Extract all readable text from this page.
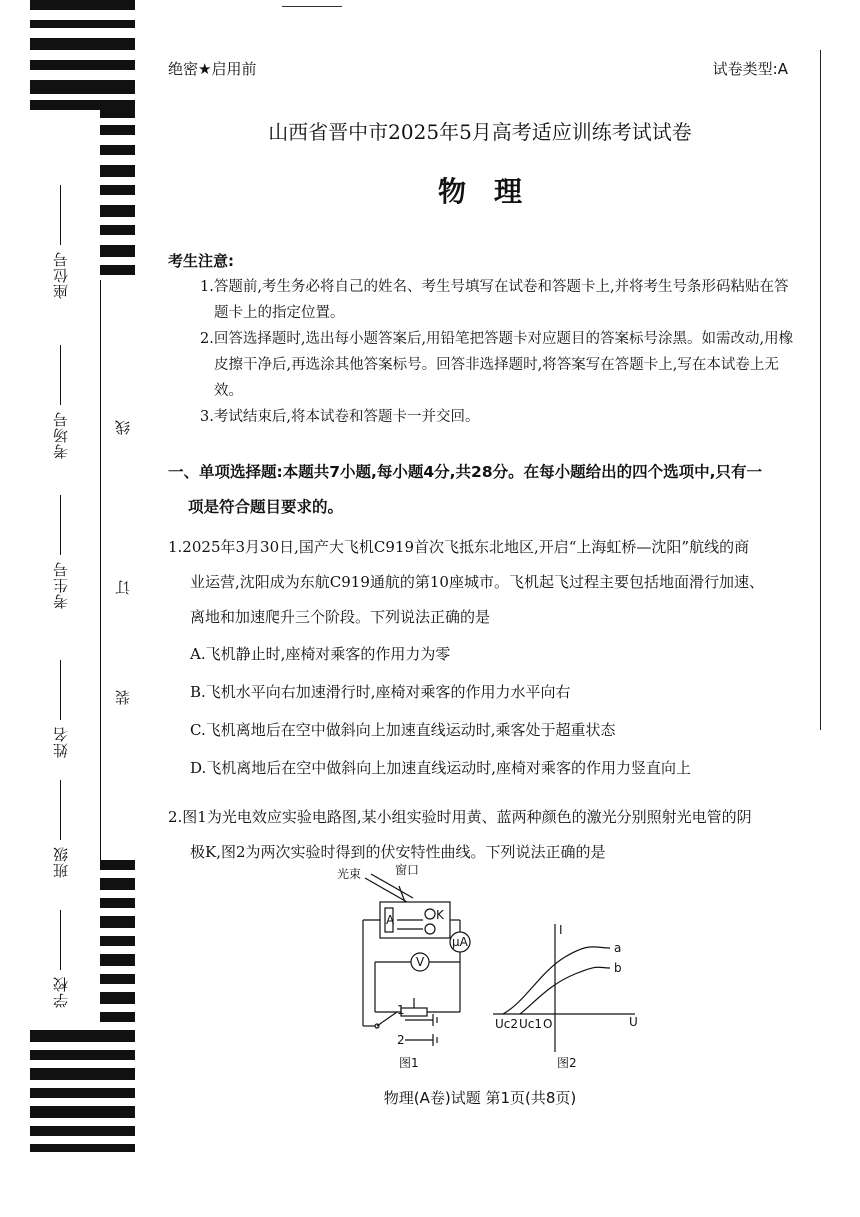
座位号
考场号
考生号
姓名
班级
学校
线
订
装
绝密★启用前	试卷类型:A
山西省晋中市2025年5月高考适应训练考试试卷
物理
考生注意:

1.答题前,考生务必将自己的姓名、考生号填写在试卷和答题卡上,并将考生号条形码粘贴在答题卡上的指定位置。

2.回答选择题时,选出每小题答案后,用铅笔把答题卡对应题目的答案标号涂黑。如需改动,用橡皮擦干净后,再选涂其他答案标号。回答非选择题时,将答案写在答题卡上,写在本试卷上无效。

3.考试结束后,将本试卷和答题卡一并交回。

一、单项选择题:本题共7小题,每小题4分,共28分。在每小题给出的四个选项中,只有一
项是符合题目要求的。
1.2025年3月30日,国产大飞机C919首次飞抵东北地区,开启“上海虹桥—沈阳”航线的商
业运营,沈阳成为东航C919通航的第10座城市。飞机起飞过程主要包括地面滑行加速、
离地和加速爬升三个阶段。下列说法正确的是
A.飞机静止时,座椅对乘客的作用力为零
B.飞机水平向右加速滑行时,座椅对乘客的作用力水平向右
C.飞机离地后在空中做斜向上加速直线运动时,乘客处于超重状态
D.飞机离地后在空中做斜向上加速直线运动时,座椅对乘客的作用力竖直向上
2.图1为光电效应实验电路图,某小组实验时用黄、蓝两种颜色的激光分别照射光电管的阴
极K,图2为两次实验时得到的伏安特性曲线。下列说法正确的是
光束	窗口
A	K
μA
V
1
2
图1
I
U
O
a
b
Uc2 Uc1
图2
物理(A卷)试题 第1页(共8页)
